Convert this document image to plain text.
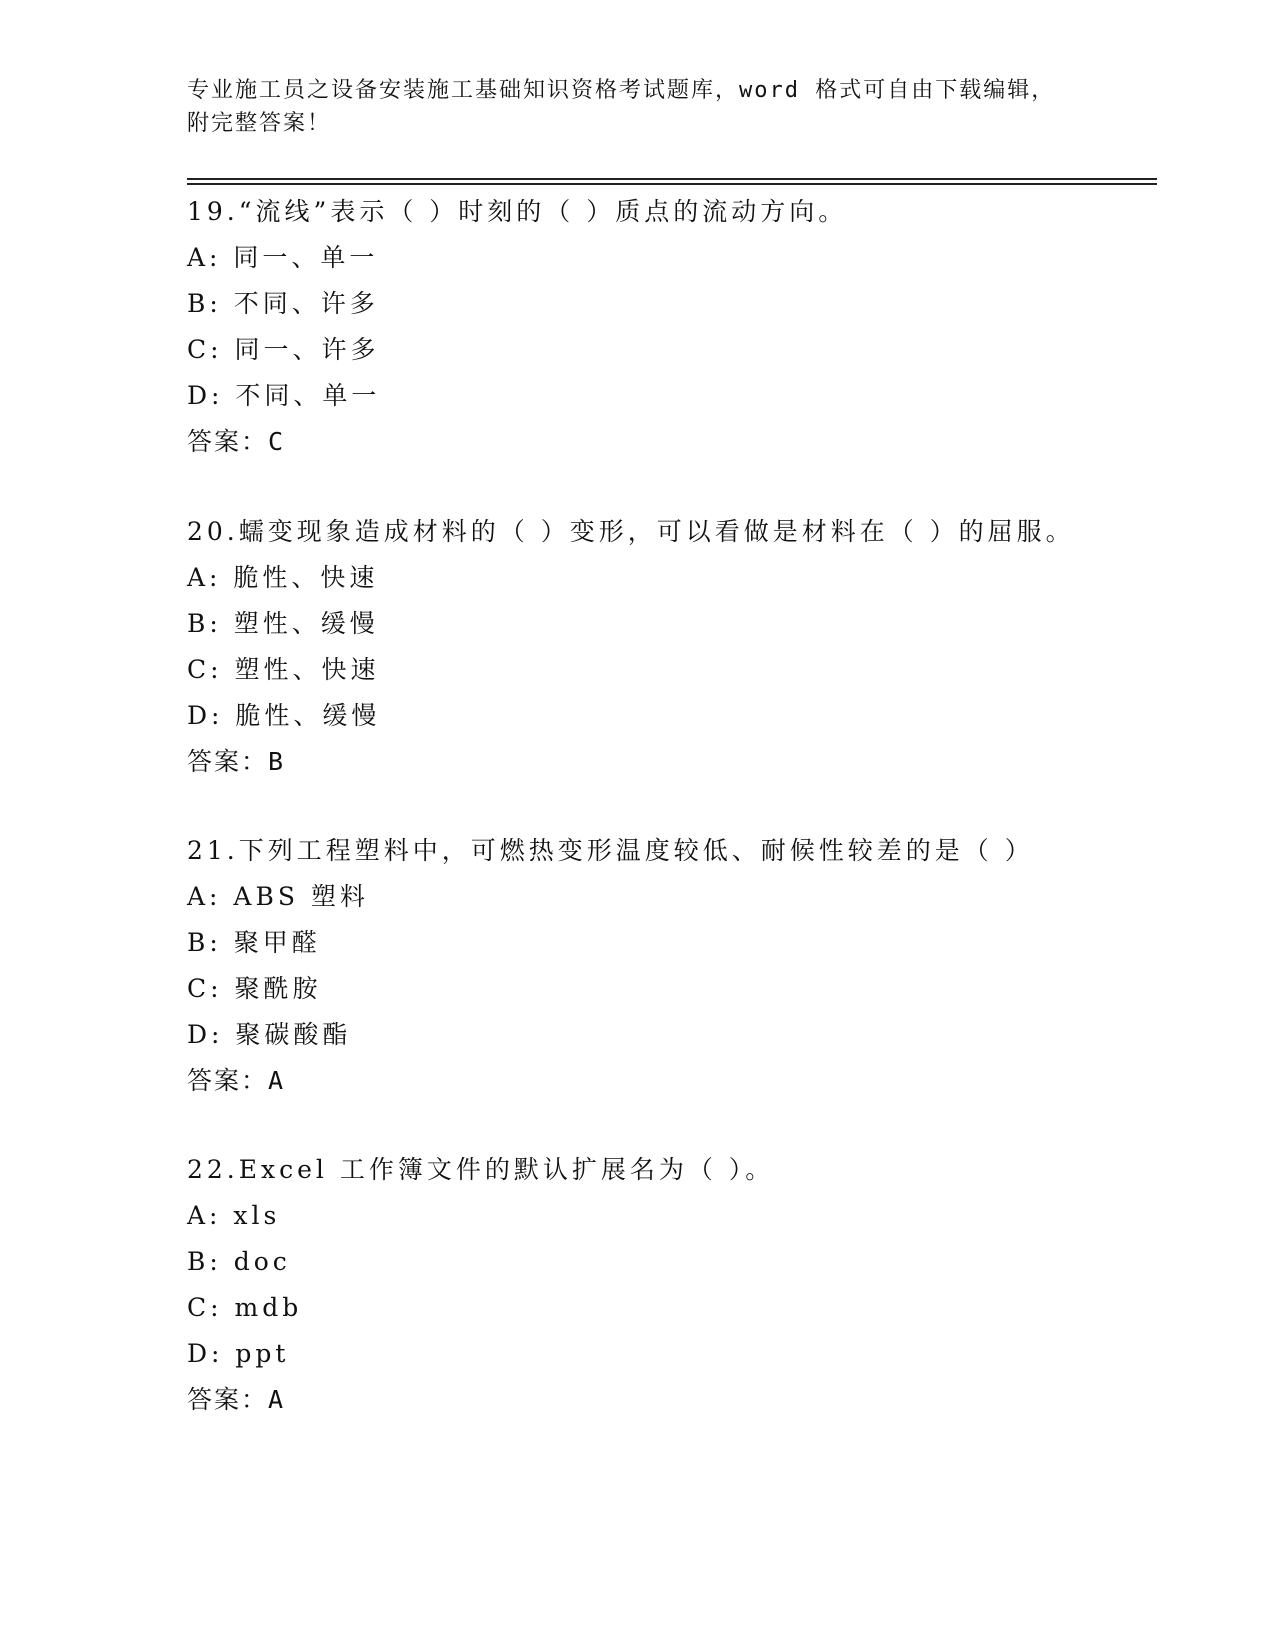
专业施工员之设备安装施工基础知识资格考试题库，word 格式可自由下载编辑，
附完整答案！
19.“流线”表示（ ）时刻的（ ）质点的流动方向。
A: 同一、单一
B: 不同、许多
C: 同一、许多
D: 不同、单一
答案：C
20.蠕变现象造成材料的（ ）变形，可以看做是材料在（ ）的屈服。
A: 脆性、快速
B: 塑性、缓慢
C: 塑性、快速
D: 脆性、缓慢
答案：B
21.下列工程塑料中，可燃热变形温度较低、耐候性较差的是（ ）
A: ABS 塑料
B: 聚甲醛
C: 聚酰胺
D: 聚碳酸酯
答案：A
22.Excel 工作簿文件的默认扩展名为（ ）。
A: xls
B: doc
C: mdb
D: ppt
答案：A
